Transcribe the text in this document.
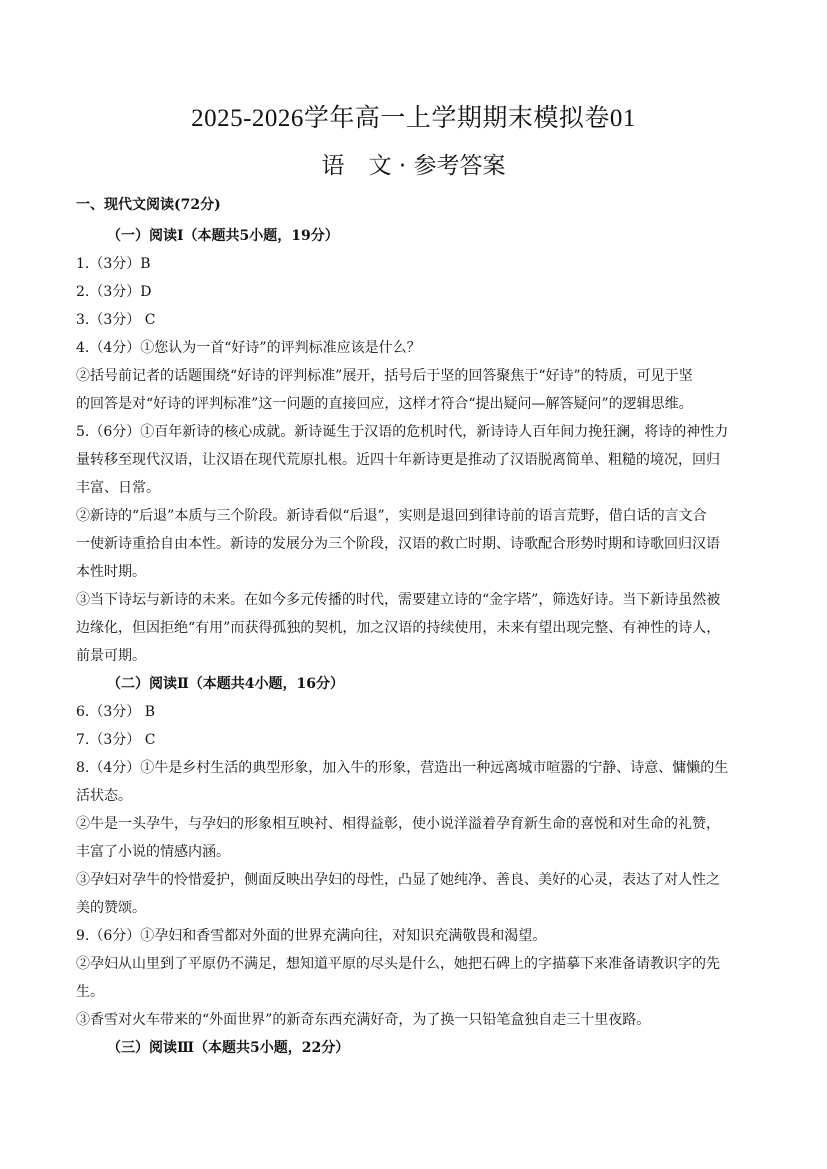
2025-2026学年高一上学期期末模拟卷01
语 文 · 参考答案
一、现代文阅读(72分)
（一）阅读Ⅰ（本题共5小题，19分）
1.（3分）B
2.（3分）D
3.（3分） C
4.（4分）①您认为一首“好诗”的评判标准应该是什么？
②括号前记者的话题围绕“好诗的评判标准”展开，括号后于坚的回答聚焦于“好诗”的特质，可见于坚
的回答是对“好诗的评判标准”这一问题的直接回应，这样才符合“提出疑问—解答疑问”的逻辑思维。
5.（6分）①百年新诗的核心成就。新诗诞生于汉语的危机时代，新诗诗人百年间力挽狂澜，将诗的神性力
量转移至现代汉语，让汉语在现代荒原扎根。近四十年新诗更是推动了汉语脱离简单、粗糙的境况，回归
丰富、日常。
②新诗的“后退”本质与三个阶段。新诗看似“后退”，实则是退回到律诗前的语言荒野，借白话的言文合
一使新诗重拾自由本性。新诗的发展分为三个阶段，汉语的救亡时期、诗歌配合形势时期和诗歌回归汉语
本性时期。
③当下诗坛与新诗的未来。在如今多元传播的时代，需要建立诗的“金字塔”，筛选好诗。当下新诗虽然被
边缘化，但因拒绝“有用”而获得孤独的契机，加之汉语的持续使用，未来有望出现完整、有神性的诗人，
前景可期。
（二）阅读Ⅱ（本题共4小题，16分）
6.（3分） B
7.（3分） C
8.（4分）①牛是乡村生活的典型形象，加入牛的形象，营造出一种远离城市喧嚣的宁静、诗意、慵懒的生
活状态。
②牛是一头孕牛，与孕妇的形象相互映衬、相得益彰，使小说洋溢着孕育新生命的喜悦和对生命的礼赞，
丰富了小说的情感内涵。
③孕妇对孕牛的怜惜爱护，侧面反映出孕妇的母性，凸显了她纯净、善良、美好的心灵，表达了对人性之
美的赞颂。
9.（6分）①孕妇和香雪都对外面的世界充满向往，对知识充满敬畏和渴望。
②孕妇从山里到了平原仍不满足，想知道平原的尽头是什么，她把石碑上的字描摹下来准备请教识字的先
生。
③香雪对火车带来的“外面世界”的新奇东西充满好奇，为了换一只铅笔盒独自走三十里夜路。
（三）阅读Ⅲ（本题共5小题，22分）
